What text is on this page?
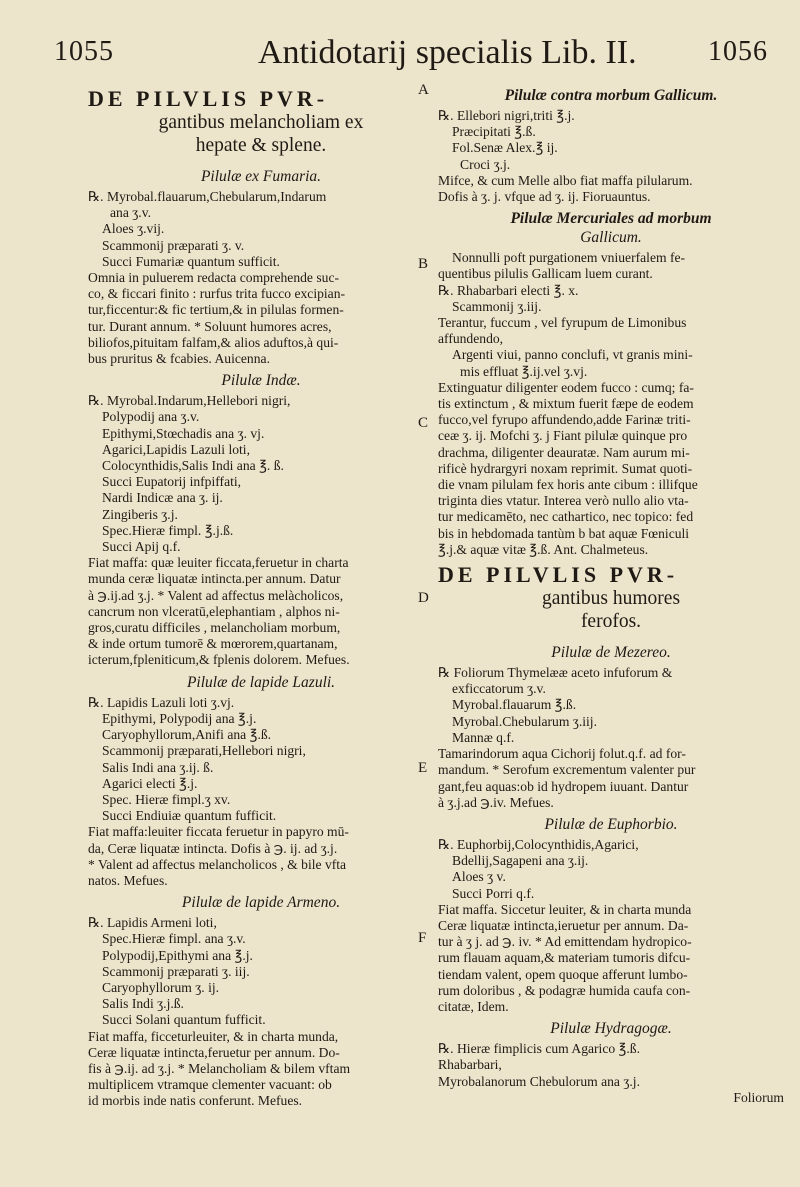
1055	Antidotarij specialis Lib. II.	1056
A
B
C
D
E
F
DE PILVLIS PVR-
gantibus melancholiam ex
hepate & splene.
Pilulæ ex Fumaria.
℞. Myrobal.flauarum,Chebularum,Indarum
ana ʒ.v.
Aloes ʒ.vij.
Scammonij præparati ʒ. v.
Succi Fumariæ quantum sufficit.
Omnia in puluerem redacta comprehende suc-
co, & ficcari finito : rurfus trita fucco excipian-
tur,ficcentur:& fic tertium,& in pilulas formen-
tur. Durant annum. * Soluunt humores acres,
biliofos,pituitam falfam,& alios aduftos,à qui-
bus pruritus & fcabies. Auicenna.
Pilulæ Indæ.
℞. Myrobal.Indarum,Hellebori nigri,
Polypodij ana ʒ.v.
Epithymi,Stœchadis ana ʒ. vj.
Agarici,Lapidis Lazuli loti,
Colocynthidis,Salis Indi ana ℥. ß.
Succi Eupatorij infpiffati,
Nardi Indicæ ana ʒ. ij.
Zingiberis ʒ.j.
Spec.Hieræ fimpl. ℥.j.ß.
Succi Apij q.f.
Fiat maffa: quæ leuiter ficcata,feruetur in charta
munda ceræ liquatæ intincta.per annum. Datur
à ℈.ij.ad ʒ.j. * Valent ad affectus melàcholicos,
cancrum non vlceratū,elephantiam , alphos ni-
gros,curatu difficiles , melancholiam morbum,
& inde ortum tumorē & mœrorem,quartanam,
icterum,fpleniticum,& fplenis dolorem. Mefues.
Pilulæ de lapide Lazuli.
℞. Lapidis Lazuli loti ʒ.vj.
Epithymi, Polypodij ana ℥.j.
Caryophyllorum,Anifi ana ℥.ß.
Scammonij præparati,Hellebori nigri,
Salis Indi ana ʒ.ij. ß.
Agarici electi ℥.j.
Spec. Hieræ fimpl.ʒ xv.
Succi Endiuiæ quantum fufficit.
Fiat maffa:leuiter ficcata feruetur in papyro mū-
da, Ceræ liquatæ intincta. Dofis à ℈. ij. ad ʒ.j.
* Valent ad affectus melancholicos , & bile vfta
natos. Mefues.
Pilulæ de lapide Armeno.
℞. Lapidis Armeni loti,
Spec.Hieræ fimpl. ana ʒ.v.
Polypodij,Epithymi ana ℥.j.
Scammonij præparati ʒ. iij.
Caryophyllorum ʒ. ij.
Salis Indi ʒ.j.ß.
Succi Solani quantum fufficit.
Fiat maffa, ficceturleuiter, & in charta munda,
Ceræ liquatæ intincta,feruetur per annum. Do-
fis à ℈.ij. ad ʒ.j. * Melancholiam & bilem vftam
multiplicem vtramque clementer vacuant: ob
id morbis inde natis conferunt. Mefues.
Pilulæ contra morbum Gallicum.
℞. Ellebori nigri,triti ℥.j.
Præcipitati ℥.ß.
Fol.Senæ Alex.℥ ij.
Croci ʒ.j.
Mifce, & cum Melle albo fiat maffa pilularum.
Dofis à ʒ. j. vfque ad ʒ. ij. Fioruauntus.
Pilulæ Mercuriales ad morbum
Gallicum.
Nonnulli poft purgationem vniuerfalem fe-
quentibus pilulis Gallicam luem curant.
℞. Rhabarbari electi ℥. x.
Scammonij ʒ.iij.
Terantur, fuccum , vel fyrupum de Limonibus
affundendo,
Argenti viui, panno conclufi, vt granis mini-
mis effluat ℥.ij.vel ʒ.vj.
Extinguatur diligenter eodem fucco : cumq; fa-
tis extinctum , & mixtum fuerit fæpe de eodem
fucco,vel fyrupo affundendo,adde Farinæ triti-
ceæ ʒ. ij. Mofchi ʒ. j Fiant pilulæ quinque pro
drachma, diligenter deauratæ. Nam aurum mi-
rificè hydrargyri noxam reprimit. Sumat quoti-
die vnam pilulam fex horis ante cibum : illifque
triginta dies vtatur. Interea verò nullo alio vta-
tur medicamēto, nec cathartico, nec topico: fed
bis in hebdomada tantùm b bat aquæ Fœniculi
℥.j.& aquæ vitæ ℥.ß. Ant. Chalmeteus.
DE PILVLIS PVR-
gantibus humores
ferofos.
Pilulæ de Mezereo.
℞ Foliorum Thymelææ aceto infuforum &
exficcatorum ʒ.v.
Myrobal.flauarum ℥.ß.
Myrobal.Chebularum ʒ.iij.
Mannæ q.f.
Tamarindorum aqua Cichorij folut.q.f. ad for-
mandum. * Serofum excrementum valenter pur
gant,feu aquas:ob id hydropem iuuant. Dantur
à ʒ.j.ad ℈.iv. Mefues.
Pilulæ de Euphorbio.
℞. Euphorbij,Colocynthidis,Agarici,
Bdellij,Sagapeni ana ʒ.ij.
Aloes ʒ v.
Succi Porri q.f.
Fiat maffa. Siccetur leuiter, & in charta munda
Ceræ liquatæ intincta,ieruetur per annum. Da-
tur à ʒ j. ad ℈. iv. * Ad emittendam hydropico-
rum flauam aquam,& materiam tumoris difcu-
tiendam valent, opem quoque afferunt lumbo-
rum doloribus , & podagræ humida caufa con-
citatæ, Idem.
Pilulæ Hydragogæ.
℞. Hieræ fimplicis cum Agarico ℥.ß.
Rhabarbari,
Myrobalanorum Chebulorum ana ʒ.j.
Foliorum
